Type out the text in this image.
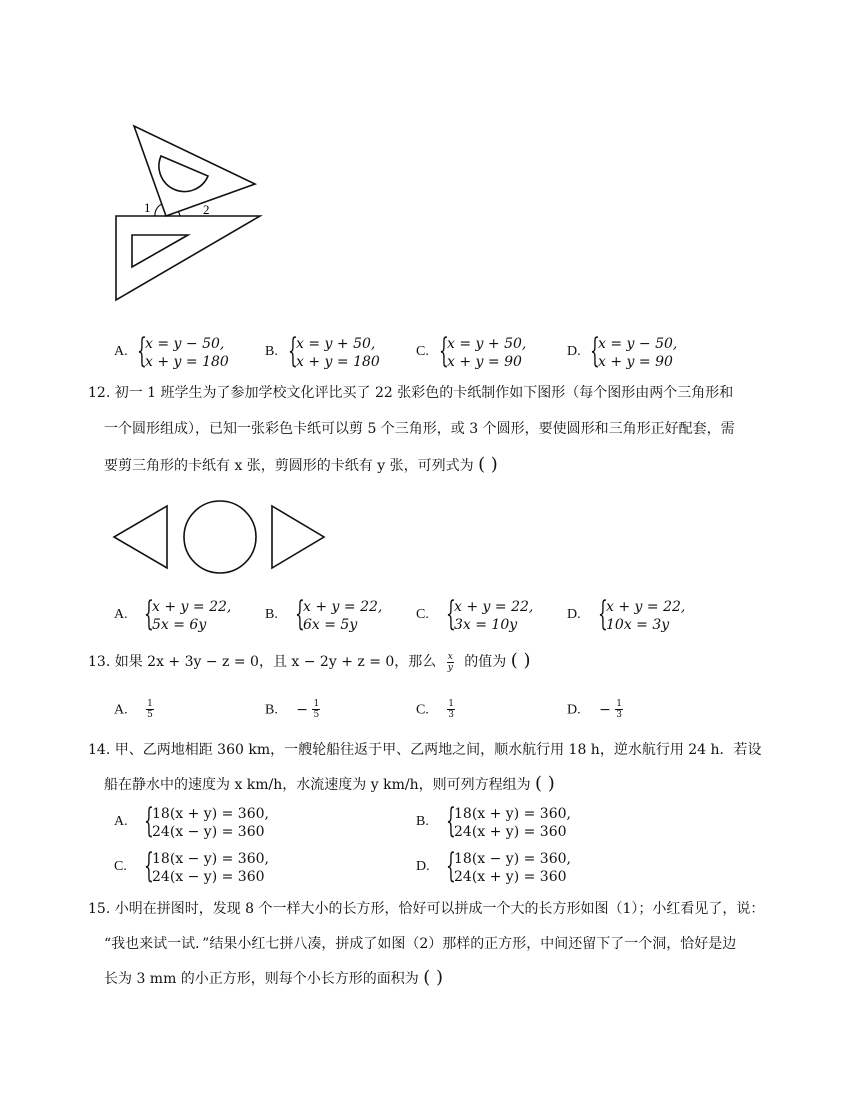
1	2
A. {
x = y − 50,
x + y = 180
B. {
x = y + 50,
x + y = 180
C. {
x = y + 50,
x + y = 90
D. {
x = y − 50,
x + y = 90
12. 初一 1 班学生为了参加学校文化评比买了 22 张彩色的卡纸制作如下图形（每个图形由两个三角形和
一个圆形组成），已知一张彩色卡纸可以剪 5 个三角形，或 3 个圆形，要使圆形和三角形正好配套，需
要剪三角形的卡纸有 x 张，剪圆形的卡纸有 y 张，可列式为 ( )
A. {
x + y = 22,
5x = 6y
B. {
x + y = 22,
6x = 5y
C. {
x + y = 22,
3x = 10y
D. {
x + y = 22,
10x = 3y
13. 如果 2x + 3y − z = 0，且 x − 2y + z = 0，那么 $\frac{x}{y}$ 的值为 ( )
A. $\frac{1}{5}$	B. − $\frac{1}{5}$	C. $\frac{1}{3}$	D. − $\frac{1}{3}$
14. 甲、乙两地相距 360 km，一艘轮船往返于甲、乙两地之间，顺水航行用 18 h，逆水航行用 24 h．若设
船在静水中的速度为 x km/h，水流速度为 y km/h，则可列方程组为 ( )
A. {
18(x + y) = 360,
24(x − y) = 360
B. {
18(x + y) = 360,
24(x + y) = 360
C. {
18(x − y) = 360,
24(x − y) = 360
D. {
18(x − y) = 360,
24(x + y) = 360
15. 小明在拼图时，发现 8 个一样大小的长方形，恰好可以拼成一个大的长方形如图（1）；小红看见了，说：
“我也来试一试．”结果小红七拼八凑，拼成了如图（2）那样的正方形，中间还留下了一个洞，恰好是边
长为 3 mm 的小正方形，则每个小长方形的面积为 ( )
